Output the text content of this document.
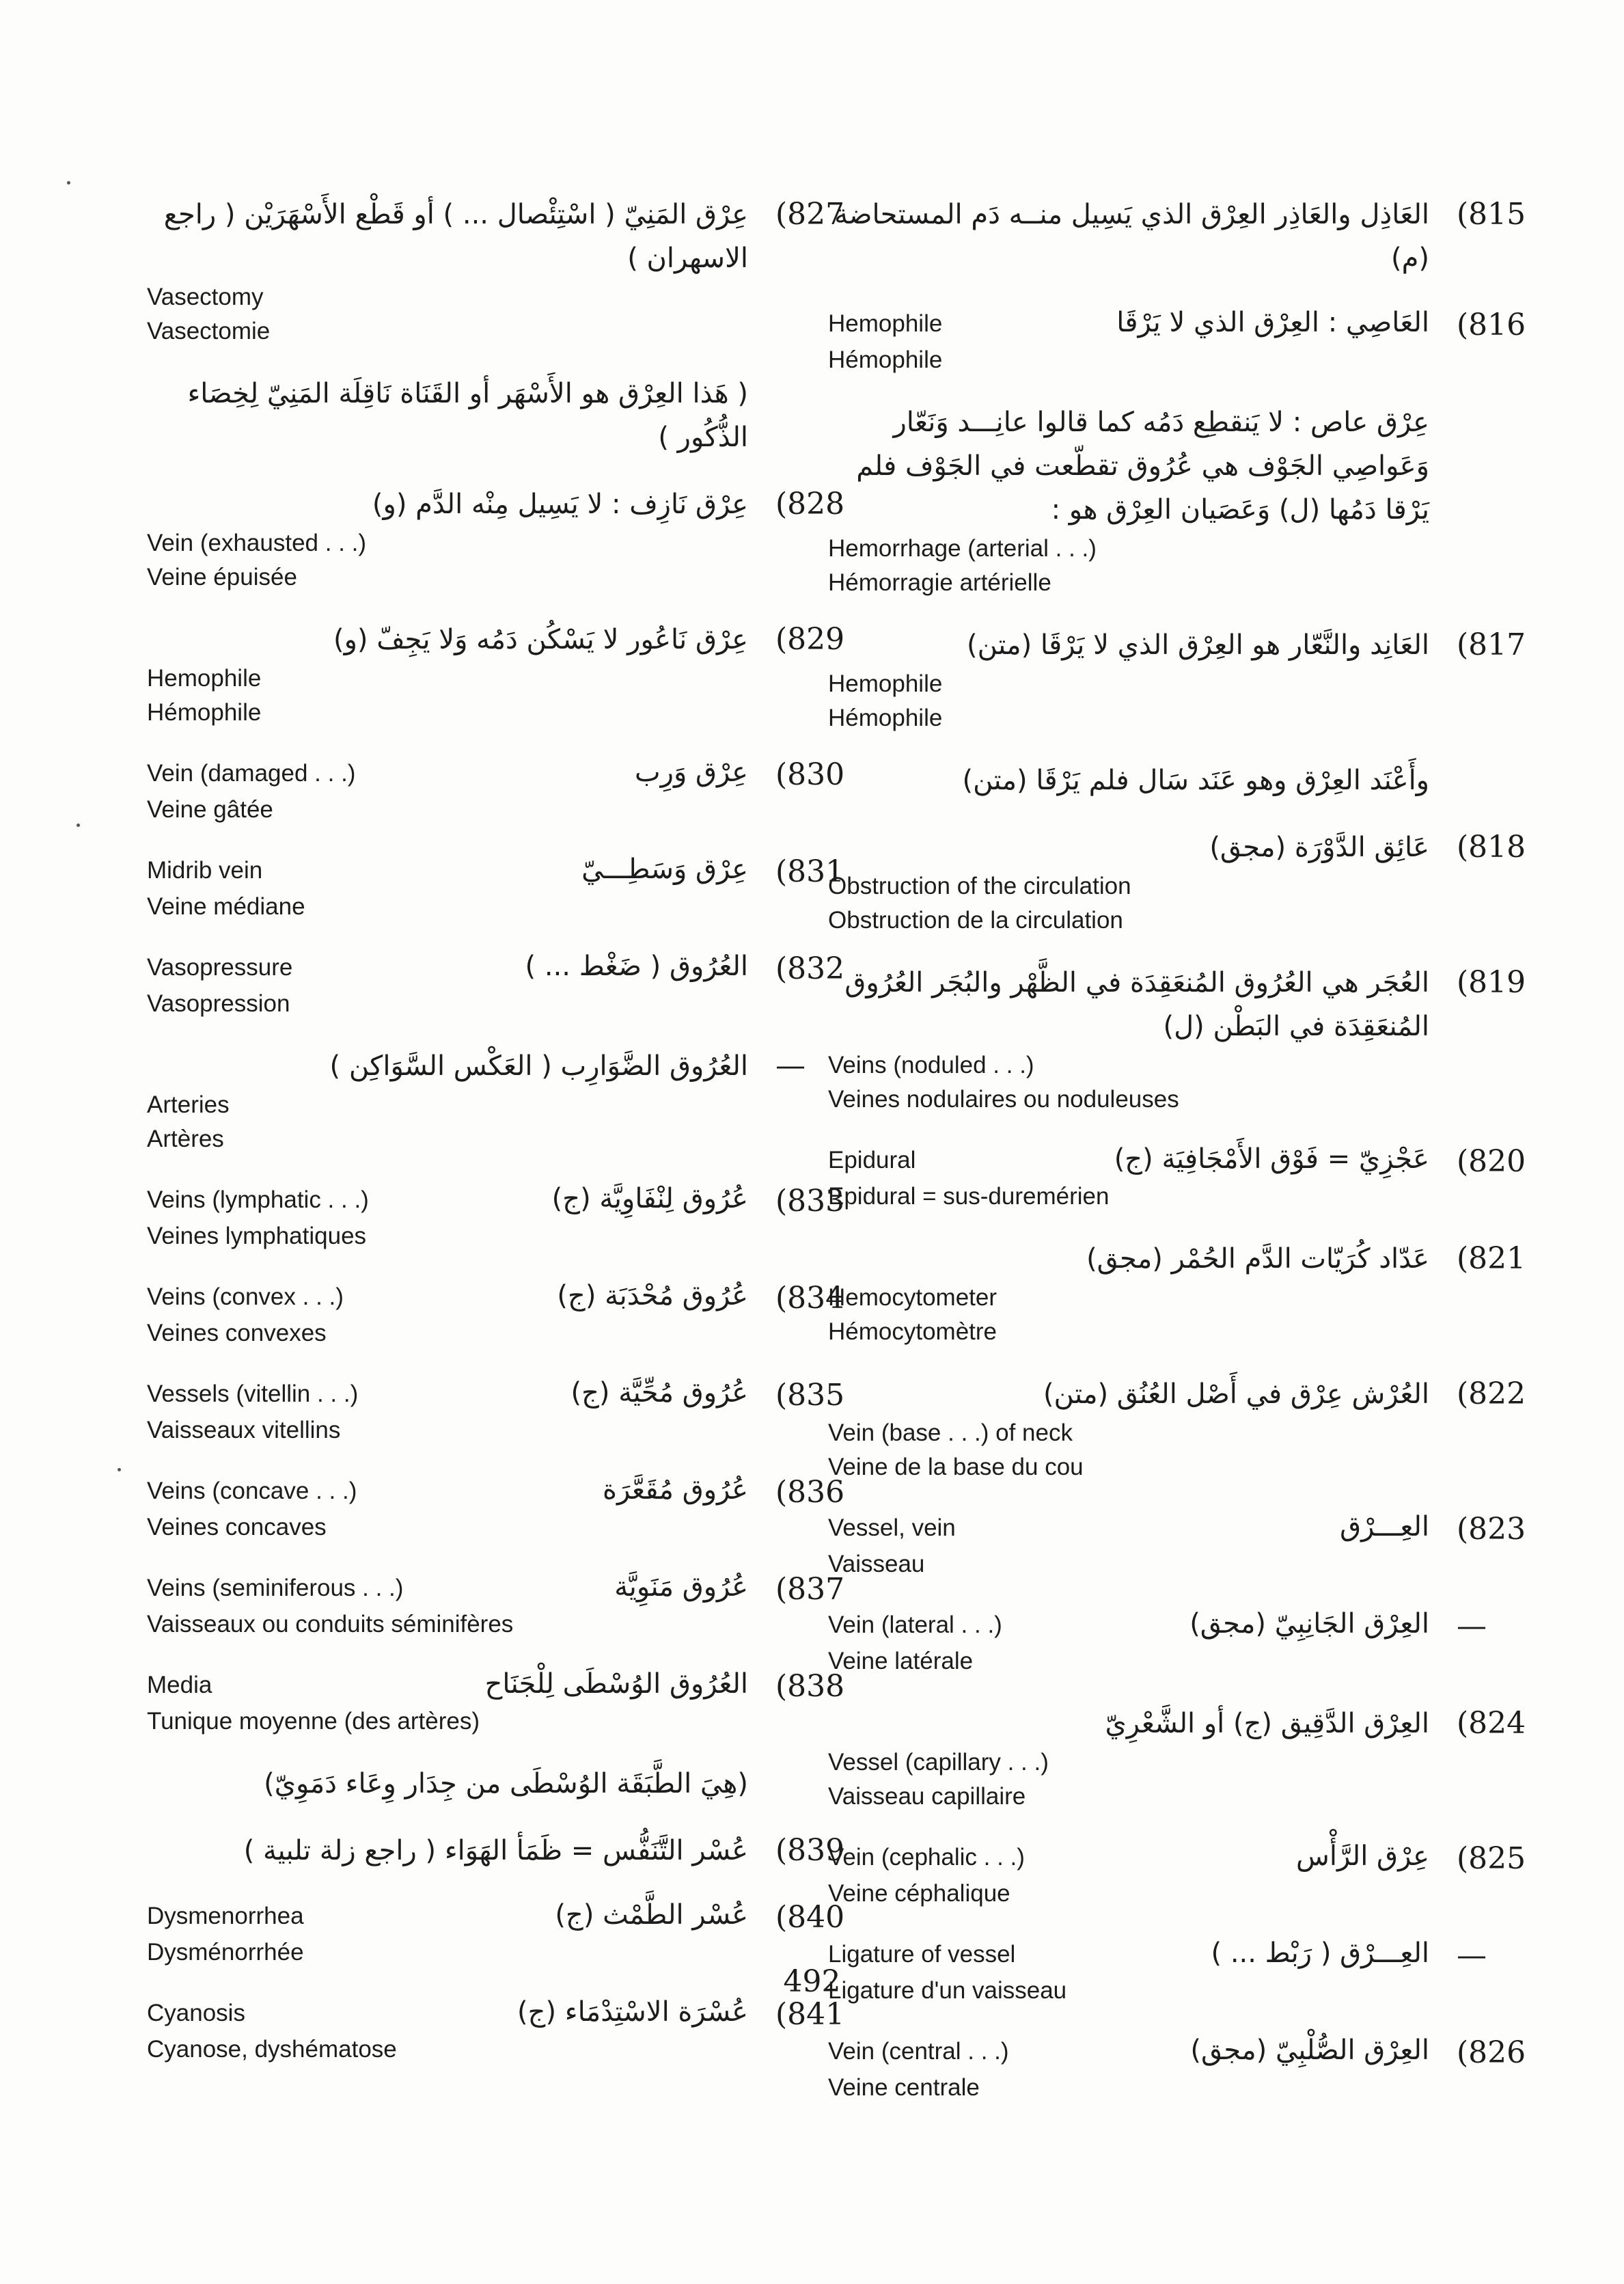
(827
عِرْق المَنِيّ ( اسْتِئْصال ... ) أو قَطْع الأَسْهَرَيْن ( راجع الاسهران )
Vasectomy
Vasectomie
( هَذا العِرْق هو الأَسْهَر أو القَنَاة نَاقِلَة المَنِيّ لِخِصَاء الذُّكُور )
(828
عِرْق نَازِف : لا يَسِيل مِنْه الدَّم (و)
Vein (exhausted . . .)
Veine épuisée
(829
عِرْق نَاعُور لا يَسْكُن دَمُه وَلا يَجِفّ (و)
Hemophile
Hémophile
(830
Vein (damaged . . .)	عِرْق وَرِب
Veine gâtée
(831
Midrib vein	عِرْق وَسَطِـــيّ
Veine médiane
(832
Vasopressure	العُرُوق ( ضَغْط ... )
Vasopression
—
العُرُوق الضَّوَارِب ( العَكْس السَّوَاكِن )
Arteries
Artères
(833
Veins (lymphatic . . .)	عُرُوق لِنْفَاوِيَّة (ج)
Veines lymphatiques
(834
Veins (convex . . .)	عُرُوق مُحْدَبَة (ج)
Veines convexes
(835
Vessels (vitellin . . .)	عُرُوق مُحِّيَّة (ج)
Vaisseaux vitellins
(836
Veins (concave . . .)	عُرُوق مُقَعَّرَة
Veines concaves
(837
Veins (seminiferous . . .)	عُرُوق مَنَوِيَّة
Vaisseaux ou conduits séminifères
(838
Media	العُرُوق الوُسْطَى لِلْجَنَاح
Tunique moyenne (des artères)
(هِيَ الطَّبَقَة الوُسْطَى من جِدَار وِعَاء دَمَوِيّ)
(839
عُسْر التَّنَفُّس = ظَمَأ الهَوَاء ( راجع زلة تلبية )
(840
Dysmenorrhea	عُسْر الطَّمْث (ج)
Dysménorrhée
(841
Cyanosis	عُسْرَة الاسْتِدْمَاء (ج)
Cyanose, dyshématose
(815
العَاذِل والعَاذِر العِرْق الذي يَسِيل منــه دَم المستحاضة (م)
(816
Hemophile	العَاصِي : العِرْق الذي لا يَرْقَا
Hémophile
عِرْق عاص : لا يَنقطِع دَمُه كما قالوا عانِـــد وَنَعّار وَعَواصِي الجَوْف هي عُرُوق تقطّعت في الجَوْف فلم يَرْقا دَمُها (ل) وَعَصَيان العِرْق هو :
Hemorrhage (arterial . . .)
Hémorragie artérielle
(817
العَانِد والنَّعّار هو العِرْق الذي لا يَرْقَا (متن)
Hemophile
Hémophile
وأَعْنَد العِرْق وهو عَنَد سَال فلم يَرْقَا (متن)
(818
عَائِق الدَّوْرَة (مجق)
Obstruction of the circulation
Obstruction de la circulation
(819
العُجَر هي العُرُوق المُنعَقِدَة في الظَّهْر والبُجَر العُرُوق المُنعَقِدَة في البَطْن (ل)
Veins (noduled . . .)
Veines nodulaires ou noduleuses
(820
Epidural	عَجْزِيّ = فَوْق الأَمْجَافِيَة (ج)
Epidural = sus-duremérien
(821
عَدّاد كُرَيّات الدَّم الحُمْر (مجق)
Hemocytometer
Hémocytomètre
(822
العُرْش عِرْق في أَصْل العُنُق (متن)
Vein (base . . .) of neck
Veine de la base du cou
(823
Vessel, vein	العِـــرْق
Vaisseau
—
Vein (lateral . . .)	العِرْق الجَانِبِيّ (مجق)
Veine latérale
(824
العِرْق الدَّقِيق (ج) أو الشَّعْرِيّ
Vessel (capillary . . .)
Vaisseau capillaire
(825
Vein (cephalic . . .)	عِرْق الرَّأْس
Veine céphalique
—
Ligature of vessel	العِـــرْق ( رَبْط ... )
Ligature d'un vaisseau
(826
Vein (central . . .)	العِرْق الصُّلْبِيّ (مجق)
Veine centrale
492
